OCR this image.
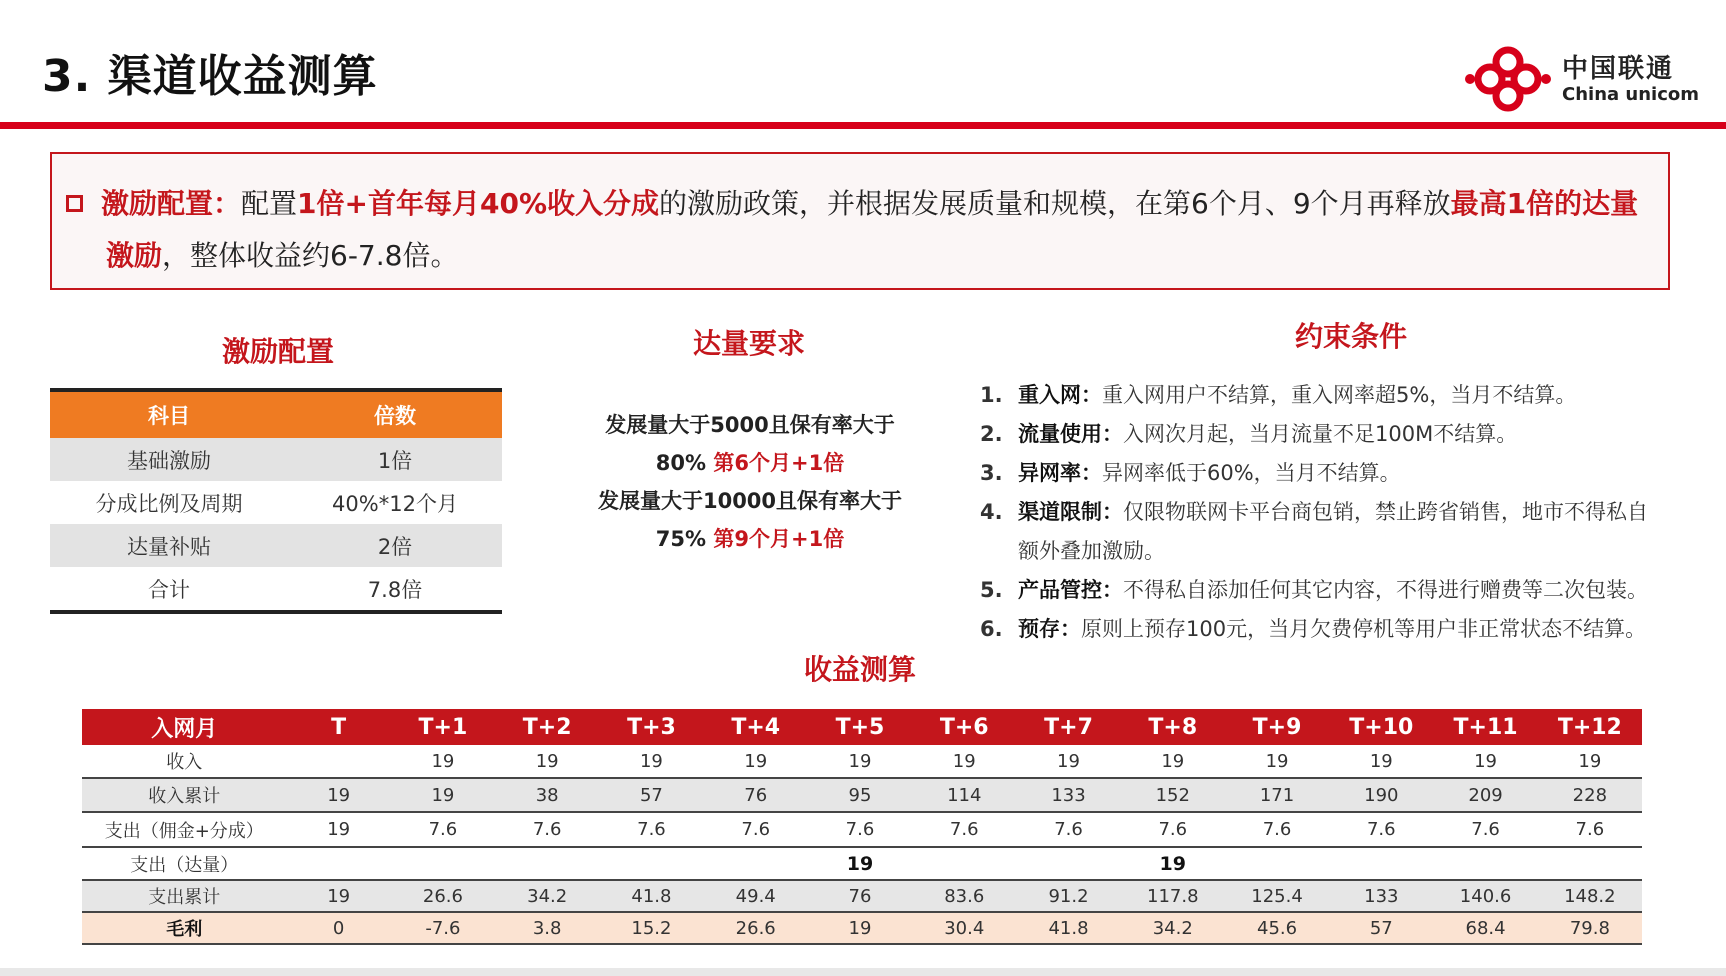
3. 渠道收益测算	中国联通
China unicom
激励配置：配置1倍+首年每月40%收入分成的激励政策，并根据发展质量和规模，在第6个月、9个月再释放最高1倍的达量
激励，整体收益约6-7.8倍。
激励配置	达量要求	约束条件
科目	倍数
基础激励	1倍
分成比例及周期	40%*12个月
达量补贴	2倍
合计	7.8倍
发展量大于5000且保有率大于
80% 第6个月+1倍
发展量大于10000且保有率大于
75% 第9个月+1倍
1. 重入网：重入网用户不结算，重入网率超5%，当月不结算。
2. 流量使用：入网次月起，当月流量不足100M不结算。
3. 异网率：异网率低于60%，当月不结算。
4. 渠道限制：仅限物联网卡平台商包销，禁止跨省销售，地市不得私自额外叠加激励。
5. 产品管控：不得私自添加任何其它内容，不得进行赠费等二次包装。
6. 预存：原则上预存100元，当月欠费停机等用户非正常状态不结算。
收益测算
入网月	T	T+1	T+2	T+3	T+4	T+5	T+6	T+7	T+8	T+9	T+10	T+11	T+12
收入		19	19	19	19	19	19	19	19	19	19	19	19
收入累计	19	19	38	57	76	95	114	133	152	171	190	209	228
支出（佣金+分成）	19	7.6	7.6	7.6	7.6	7.6	7.6	7.6	7.6	7.6	7.6	7.6	7.6
支出（达量）						19			19				
支出累计	19	26.6	34.2	41.8	49.4	76	83.6	91.2	117.8	125.4	133	140.6	148.2
毛利	0	-7.6	3.8	15.2	26.6	19	30.4	41.8	34.2	45.6	57	68.4	79.8
